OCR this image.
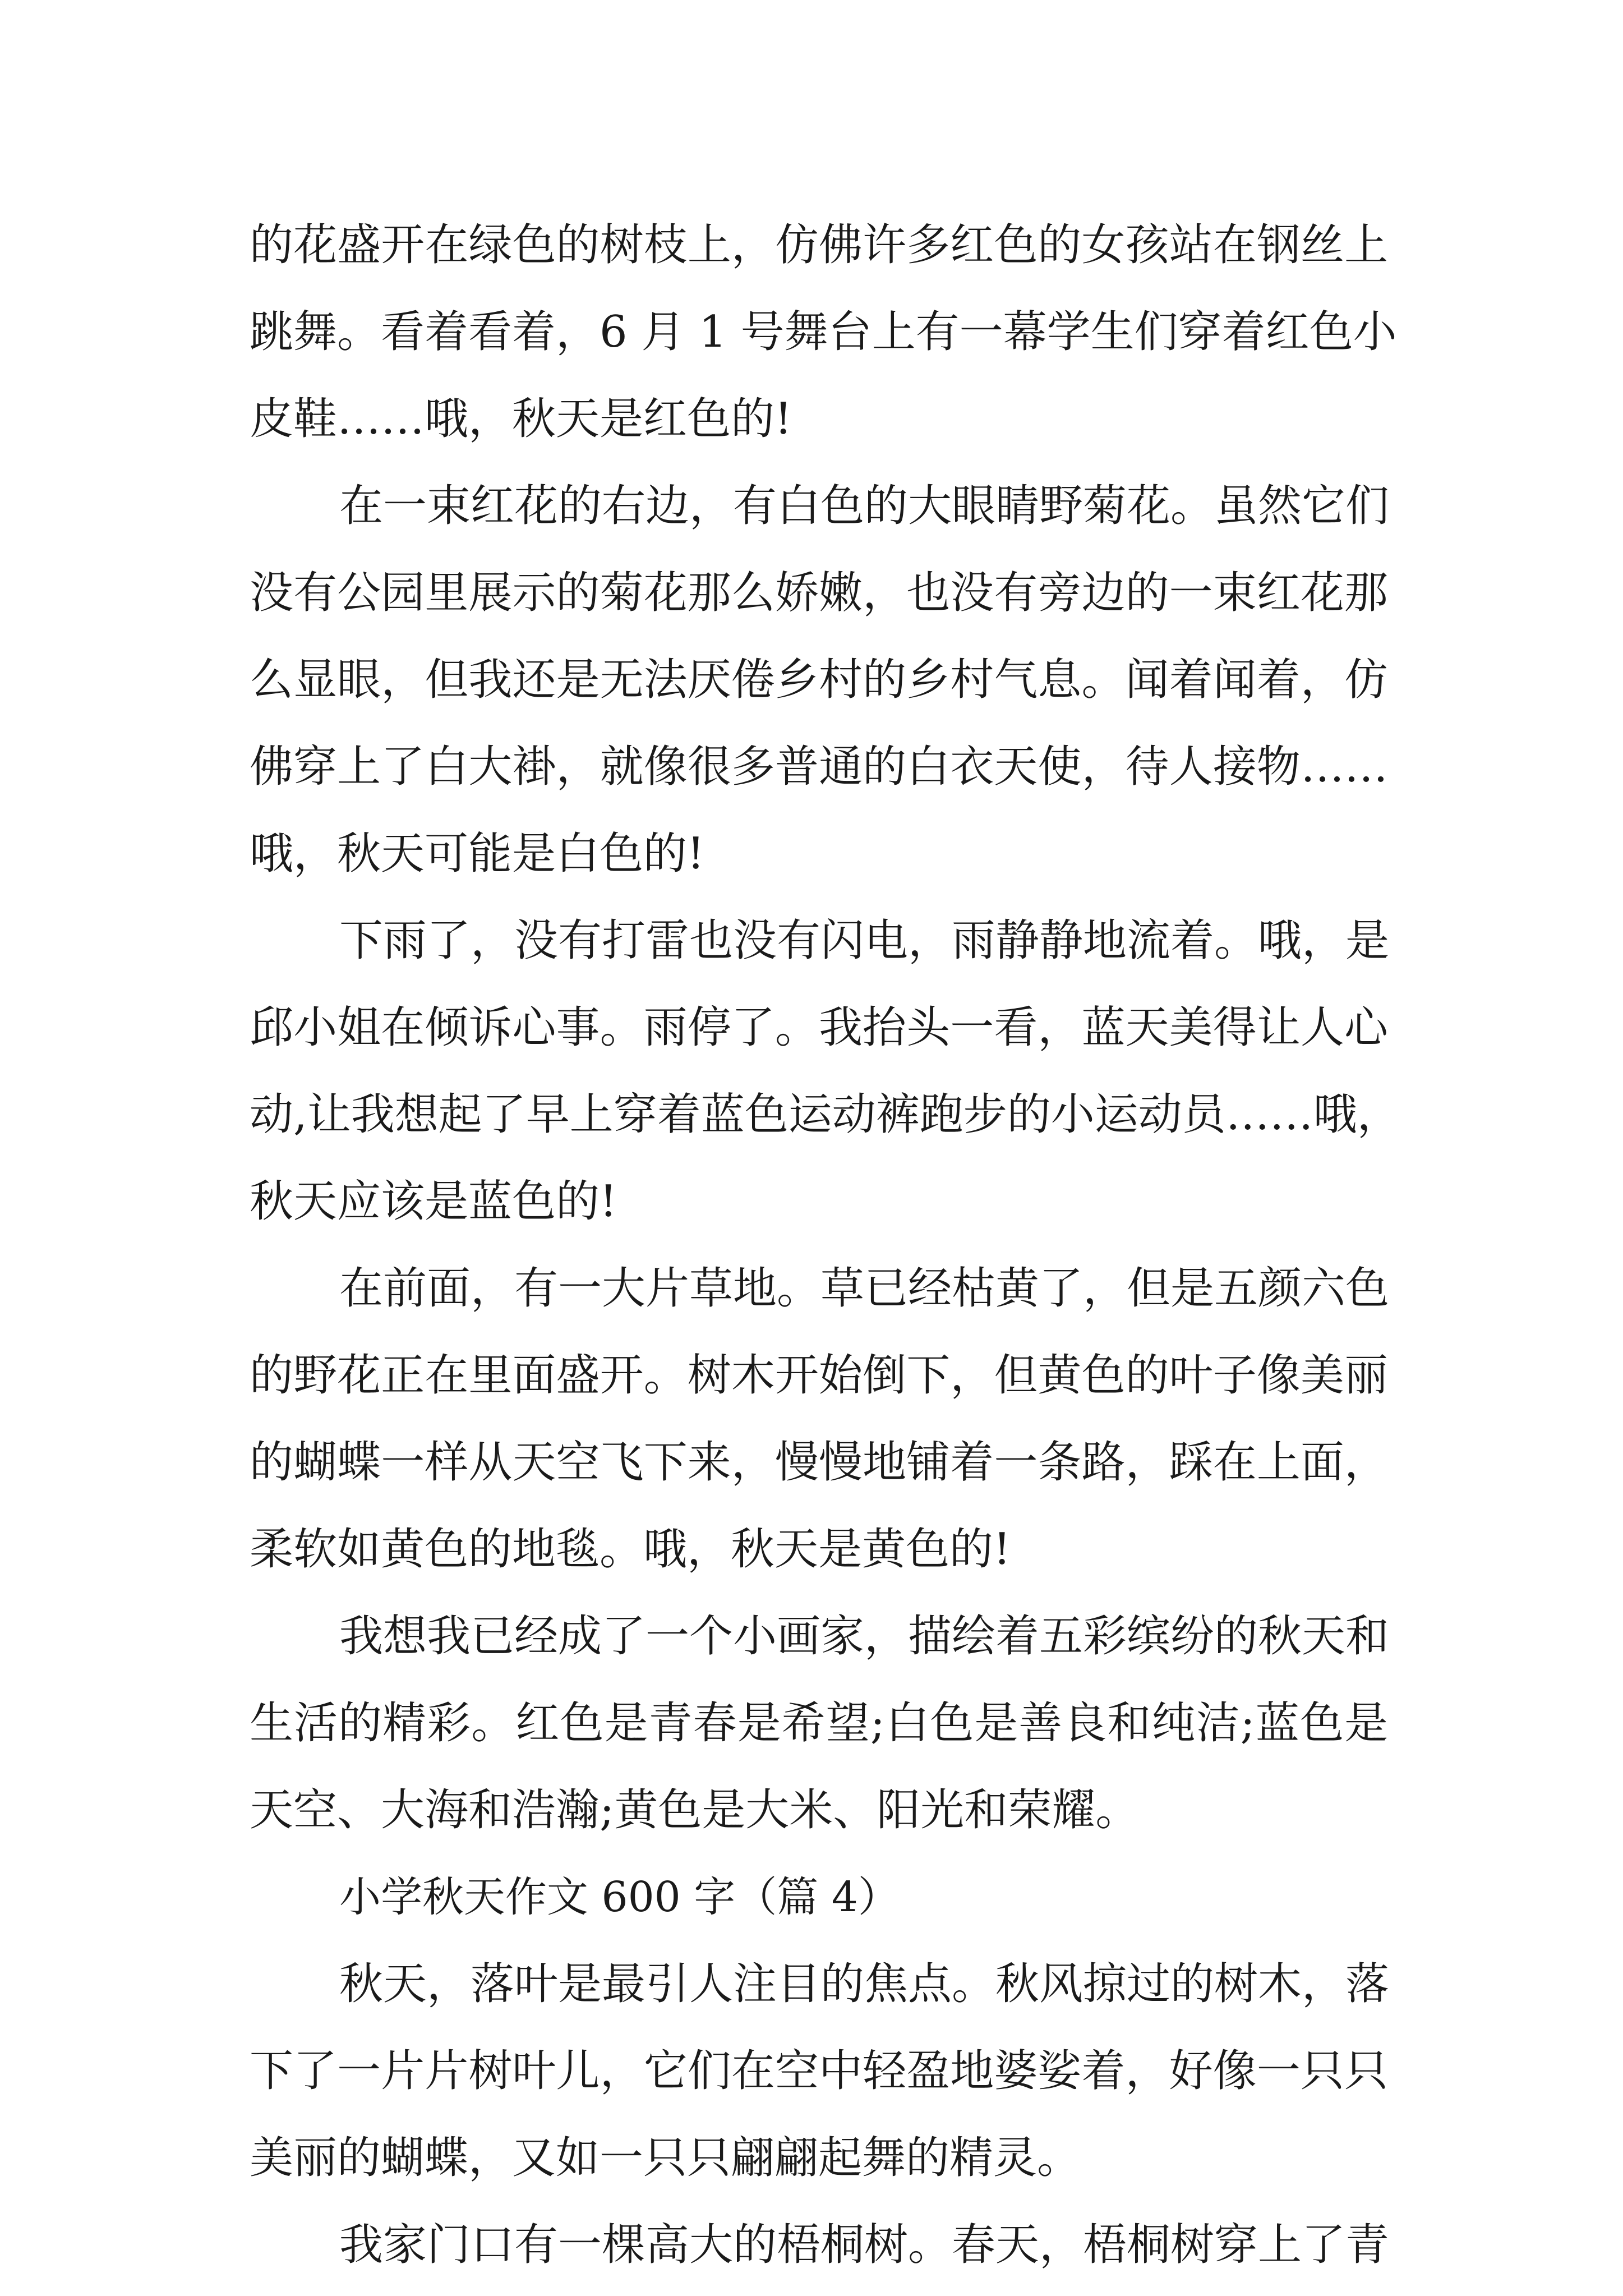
的花盛开在绿色的树枝上，仿佛许多红色的女孩站在钢丝上
跳舞。看着看着，6 月 1 号舞台上有一幕学生们穿着红色小
皮鞋……哦，秋天是红色的!
在一束红花的右边，有白色的大眼睛野菊花。虽然它们
没有公园里展示的菊花那么娇嫩，也没有旁边的一束红花那
么显眼，但我还是无法厌倦乡村的乡村气息。闻着闻着，仿
佛穿上了白大褂，就像很多普通的白衣天使，待人接物……
哦，秋天可能是白色的!
下雨了，没有打雷也没有闪电，雨静静地流着。哦，是
邱小姐在倾诉心事。雨停了。我抬头一看，蓝天美得让人心
动,让我想起了早上穿着蓝色运动裤跑步的小运动员……哦，
秋天应该是蓝色的!
在前面，有一大片草地。草已经枯黄了，但是五颜六色
的野花正在里面盛开。树木开始倒下，但黄色的叶子像美丽
的蝴蝶一样从天空飞下来，慢慢地铺着一条路，踩在上面，
柔软如黄色的地毯。哦，秋天是黄色的!
我想我已经成了一个小画家，描绘着五彩缤纷的秋天和
生活的精彩。红色是青春是希望;白色是善良和纯洁;蓝色是
天空、大海和浩瀚;黄色是大米、阳光和荣耀。
小学秋天作文 600 字（篇 4）
秋天，落叶是最引人注目的焦点。秋风掠过的树木，落
下了一片片树叶儿，它们在空中轻盈地婆娑着，好像一只只
美丽的蝴蝶，又如一只只翩翩起舞的精灵。
我家门口有一棵高大的梧桐树。春天，梧桐树穿上了青
